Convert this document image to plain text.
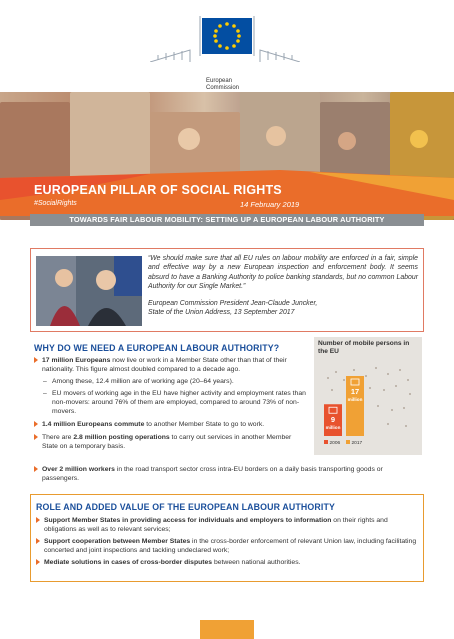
European
Commission
EUROPEAN PILLAR OF SOCIAL RIGHTS
#SocialRights	14 February 2019
TOWARDS FAIR LABOUR MOBILITY: SETTING UP A EUROPEAN LABOUR AUTHORITY
“We should make sure that all EU rules on labour mobility are enforced in a fair, simple and effective way by a new European inspection and enforcement body. It seems absurd to have a Banking Authority to police banking standards, but no common Labour Authority for our Single Market.”
European Commission President Jean-Claude Juncker,
State of the Union Address, 13 September 2017
WHY DO WE NEED A EUROPEAN LABOUR AUTHORITY?

17 million Europeans now live or work in a Member State other than that of their nationality. This figure almost doubled compared to a decade ago.

– Among these, 12.4 million are of working age (20–64 years).

– EU movers of working age in the EU have higher activity and employment rates than non-movers: around 76% of them are employed, compared to around 73% of non-movers.

1.4 million Europeans commute to another Member State to go to work.

There are 2.8 million posting operations to carry out services in another Member State on a temporary basis.

Over 2 million workers in the road transport sector cross intra-EU borders on a daily basis transporting goods or passengers.

Number of mobile persons in the EU
9
million
17
million
2006 2017
ROLE AND ADDED VALUE OF THE EUROPEAN LABOUR AUTHORITY

Support Member States in providing access for individuals and employers to information on their rights and obligations as well as to relevant services;

Support cooperation between Member States in the cross-border enforcement of relevant Union law, including facilitating concerted and joint inspections and tackling undeclared work;

Mediate solutions in cases of cross-border disputes between national authorities.
